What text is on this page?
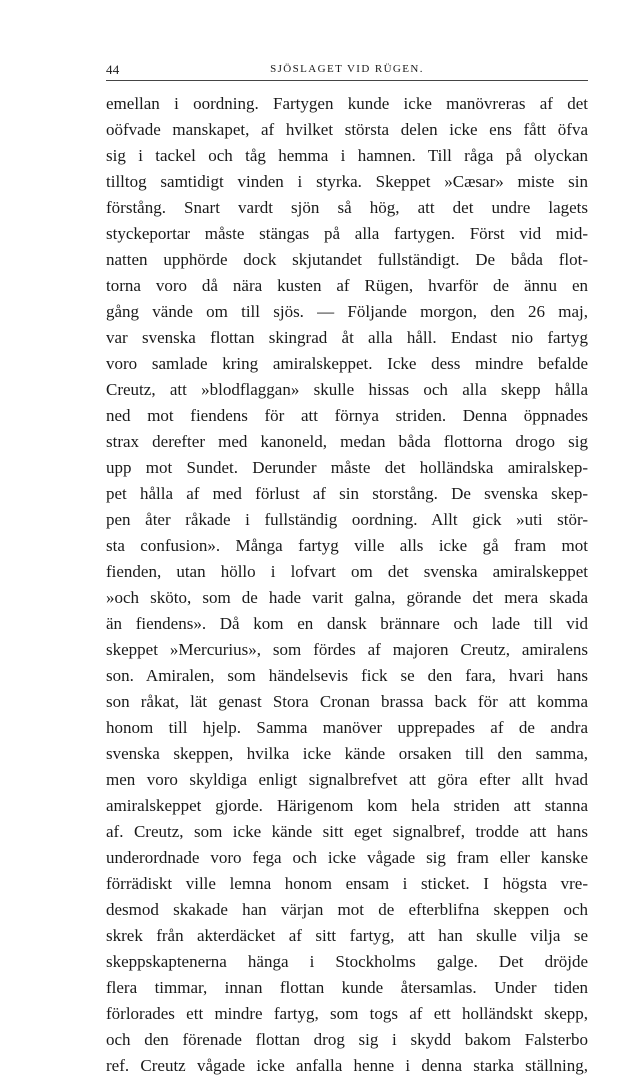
44	SJÖSLAGET VID RÜGEN.
emellan i oordning. Fartygen kunde icke manövreras af det
oöfvade manskapet, af hvilket största delen icke ens fått öfva
sig i tackel och tåg hemma i hamnen. Till råga på olyckan
tilltog samtidigt vinden i styrka. Skeppet »Cæsar» miste sin
förstång. Snart vardt sjön så hög, att det undre lagets
styckeportar måste stängas på alla fartygen. Först vid mid-
natten upphörde dock skjutandet fullständigt. De båda flot-
torna voro då nära kusten af Rügen, hvarför de ännu en
gång vände om till sjös. — Följande morgon, den 26 maj,
var svenska flottan skingrad åt alla håll. Endast nio fartyg
voro samlade kring amiralskeppet. Icke dess mindre befalde
Creutz, att »blodflaggan» skulle hissas och alla skepp hålla
ned mot fiendens för att förnya striden. Denna öppnades
strax derefter med kanoneld, medan båda flottorna drogo sig
upp mot Sundet. Derunder måste det holländska amiralskep-
pet hålla af med förlust af sin storstång. De svenska skep-
pen åter råkade i fullständig oordning. Allt gick »uti stör-
sta confusion». Många fartyg ville alls icke gå fram mot
fienden, utan höllo i lofvart om det svenska amiralskeppet
»och sköto, som de hade varit galna, görande det mera skada
än fiendens». Då kom en dansk brännare och lade till vid
skeppet »Mercurius», som fördes af majoren Creutz, amiralens
son. Amiralen, som händelsevis fick se den fara, hvari hans
son råkat, lät genast Stora Cronan brassa back för att komma
honom till hjelp. Samma manöver upprepades af de andra
svenska skeppen, hvilka icke kände orsaken till den samma,
men voro skyldiga enligt signalbrefvet att göra efter allt hvad
amiralskeppet gjorde. Härigenom kom hela striden att stanna
af. Creutz, som icke kände sitt eget signalbref, trodde att hans
underordnade voro fega och icke vågade sig fram eller kanske
förrädiskt ville lemna honom ensam i sticket. I högsta vre-
desmod skakade han värjan mot de efterblifna skeppen och
skrek från akterdäcket af sitt fartyg, att han skulle vilja se
skeppskaptenerna hänga i Stockholms galge. Det dröjde
flera timmar, innan flottan kunde återsamlas. Under tiden
förlorades ett mindre fartyg, som togs af ett holländskt skepp,
och den förenade flottan drog sig i skydd bakom Falsterbo
ref. Creutz vågade icke anfalla henne i denna starka ställning,
